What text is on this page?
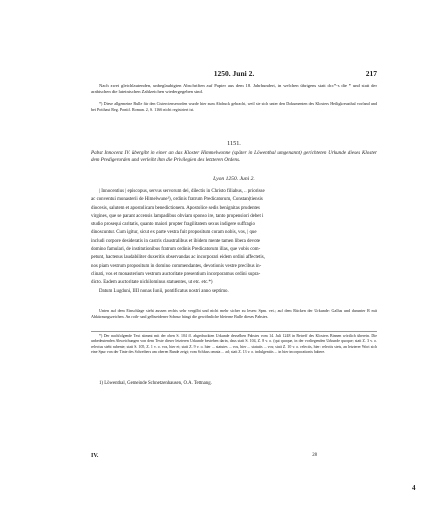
1250. Juni 2.	217
Nach zwei gleichlautenden, unbeglaubigten Abschriften auf Papier aus dem 18. Jahrhundert, in welchen übrigens statt dcc*-s die * und statt der arabischen die lateinischen Zahlzeichen wiedergegeben sind.
*) Diese allgemeine Bulle für den Cistercienserorden wurde hier zum Abdruck gebracht, weil sie sich unter den Dokumenten des Klosters Heiligkreuzthal vorfand und bei Potthast Reg. Pontif. Roman. 2, S. 1166 nicht registriert ist.
1151.
Pabst Innocenz IV. übergibt in einer an das Kloster Himmelwonne (später in Löwenthal umgenannt) gerichteten Urkunde dieses Kloster dem Predigerorden und verleiht ihm die Privilegien des letzteren Ordens.
Lyon 1250. Juni 2.
| Innocentius | episcopus, servus servorum dei, dilectis in Christo filiabus, .. priorisse
ac conventui monasterii de Himelwune¹), ordinis fratrum Predicatorum, Constan(tiensis
diocesis, salutem et apostolicam benedictionem. Apostolice sedis benignitas prudentes
virgines, que se parant accensis lampadibus obviam sponso ire, tanto propensiori debet i
studio prosequi caritatis, quanto maiori propter fragilitatem sexus indigere suffragio
dinoscuntur. Cum igitur, sicut ex parte vestra fuit propositum coram nobis, vos, | que
includi corpore desideratis in castris claustralibus et ibidem mente tamen libera devote
domino famulari, de institutionibus fratrum ordinis Predicatorum illas, que vobis com-
petunt, hactenus laudabiliter duxeritis observandas ac incorporari eidem ordini affectetis,
nos piam vestrum propositum in domino commendantes, devotionis vestre precibus in-
clinati, vos et monasterium vestrum auctoritate presentium incorporamus ordini supra-
dicto. Eadem auctoritate nichilominus statuentes, ut etc. etc.*)
Datum Lugduni, IIII nonas Iunii, pontificatus nostri anno septimo.
Unten auf dem Einschlage sieht aussen rechts sehr vergilbt und nicht mehr sicher zu lesen: Spm. vet.; auf dem Rücken der Urkunde: Gallus und darunter R mit Abkürzungszeichen. An roth- und gelbseidener Schnur hängt die gewöhnliche bleierne Bulle dieses Pabstes.
*) Der nachfolgende Text stimmt mit der oben S. 104 ff. abgedruckten Urkunde desselben Pabstes vom 14. Juli 1248 in Betreff des Klosters Binnen wörtlich überein. Die unbedeutenden Abweichungen von dem Texte dieser letzteren Urkunde bestehen darin, dass statt S. 104, Z. 8 v. o. (qui quoque, in der vorliegenden Urkunde quoque; statt Z. 3 v. o. relectus steht rubente; statt S. 105, Z. 1 v. o. vos, hier et; statt Z. 9 v. o. hier ... statutes ... vos, hier ... statutis ... vos; statt Z. 10 v. o. relectis, hier: relectis stets, an letzterer Wort sich eine Spur von der Tinte des Schreibers am oberen Rande zeigt; vom Schluss omnia ... ad; statt Z. 13 v. o. indulgentiis ... in hier incorporationis habere.
1) Löwenthal, Gemeinde Schnetzenhausen, O.A. Tettnang.
IV.	28
4
